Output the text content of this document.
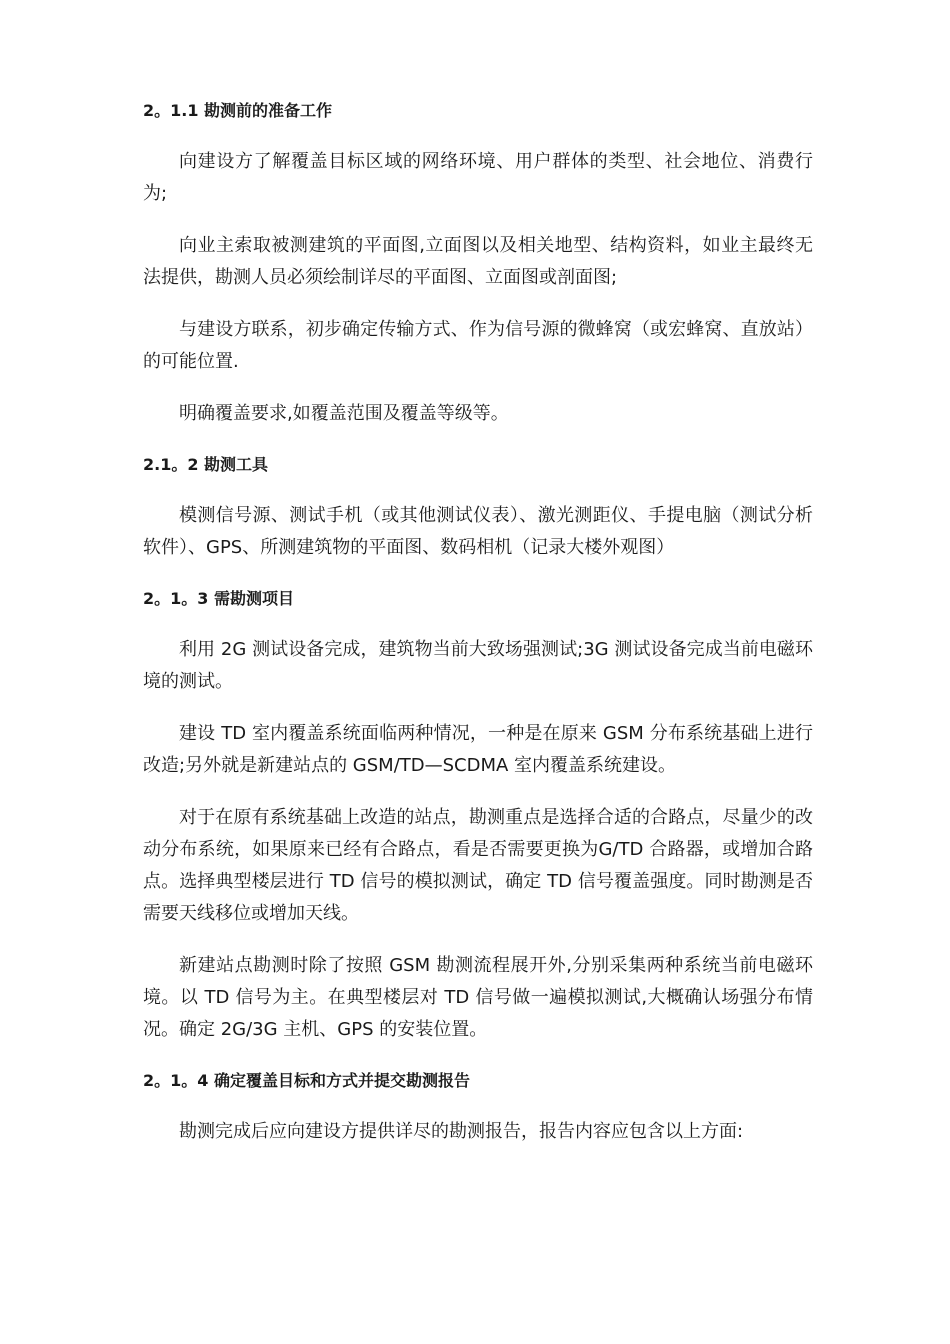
2。1.1 勘测前的准备工作

向建设方了解覆盖目标区域的网络环境、用户群体的类型、社会地位、消费行为;

向业主索取被测建筑的平面图,立面图以及相关地型、结构资料，如业主最终无法提供，勘测人员必须绘制详尽的平面图、立面图或剖面图;

与建设方联系，初步确定传输方式、作为信号源的微蜂窝（或宏蜂窝、直放站）的可能位置.

明确覆盖要求,如覆盖范围及覆盖等级等。

2.1。2 勘测工具

模测信号源、测试手机（或其他测试仪表）、激光测距仪、手提电脑（测试分析软件）、GPS、所测建筑物的平面图、数码相机（记录大楼外观图）

2。1。3 需勘测项目

利用 2G 测试设备完成，建筑物当前大致场强测试;3G 测试设备完成当前电磁环境的测试。

建设 TD 室内覆盖系统面临两种情况，一种是在原来 GSM 分布系统基础上进行改造;另外就是新建站点的 GSM/TD—SCDMA 室内覆盖系统建设。

对于在原有系统基础上改造的站点，勘测重点是选择合适的合路点，尽量少的改动分布系统，如果原来已经有合路点，看是否需要更换为G/TD 合路器，或增加合路点。选择典型楼层进行 TD 信号的模拟测试，确定 TD 信号覆盖强度。同时勘测是否需要天线移位或增加天线。

新建站点勘测时除了按照 GSM 勘测流程展开外,分别采集两种系统当前电磁环境。以 TD 信号为主。在典型楼层对 TD 信号做一遍模拟测试,大概确认场强分布情况。确定 2G/3G 主机、GPS 的安装位置。

2。1。4 确定覆盖目标和方式并提交勘测报告

勘测完成后应向建设方提供详尽的勘测报告，报告内容应包含以上方面:
